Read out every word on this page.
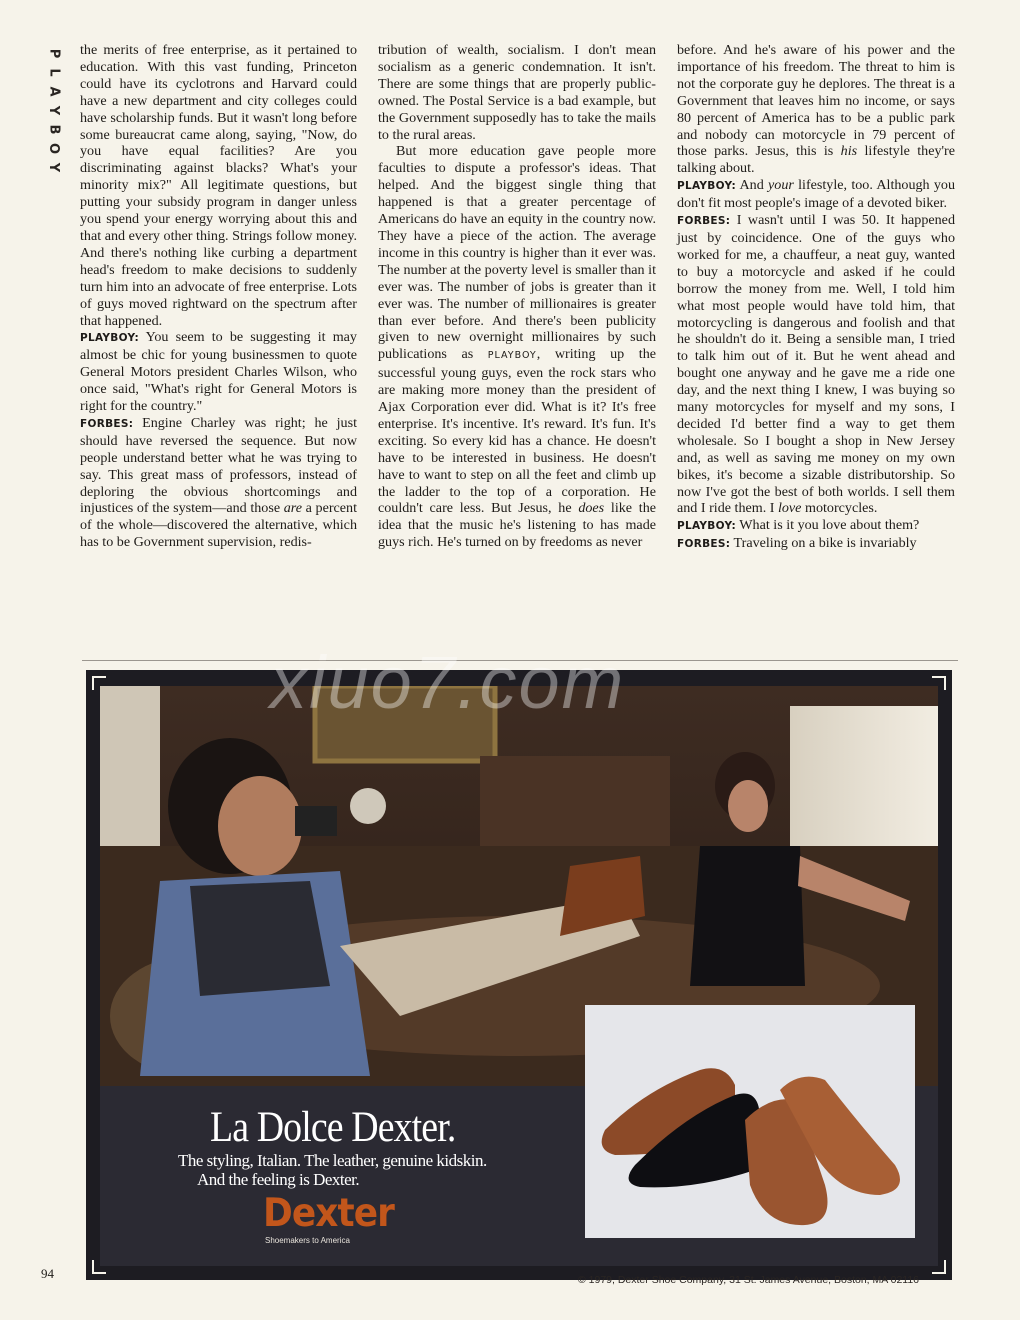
P
L
A
Y
B
O
Y

the merits of free enterprise, as it pertained to education. With this vast funding, Princeton could have its cyclotrons and Harvard could have a new department and city colleges could have scholarship funds. But it wasn't long before some bureaucrat came along, saying, "Now, do you have equal facilities? Are you discriminating against blacks? What's your minority mix?" All legitimate questions, but putting your subsidy program in danger unless you spend your energy worrying about this and that and every other thing. Strings follow money. And there's nothing like curbing a department head's freedom to make decisions to suddenly turn him into an advocate of free enterprise. Lots of guys moved rightward on the spectrum after that happened.

PLAYBOY: You seem to be suggesting it may almost be chic for young businessmen to quote General Motors president Charles Wilson, who once said, "What's right for General Motors is right for the country."

FORBES: Engine Charley was right; he just should have reversed the sequence. But now people understand better what he was trying to say. This great mass of professors, instead of deploring the obvious shortcomings and injustices of the system—and those are a percent of the whole—discovered the alternative, which has to be Government supervision, redis-

tribution of wealth, socialism. I don't mean socialism as a generic condemnation. It isn't. There are some things that are properly public-owned. The Postal Service is a bad example, but the Government supposedly has to take the mails to the rural areas.

But more education gave people more faculties to dispute a professor's ideas. That helped. And the biggest single thing that happened is that a greater percentage of Americans do have an equity in the country now. They have a piece of the action. The average income in this country is higher than it ever was. The number at the poverty level is smaller than it ever was. The number of jobs is greater than it ever was. The number of millionaires is greater than ever before. And there's been publicity given to new overnight millionaires by such publications as PLAYBOY, writing up the successful young guys, even the rock stars who are making more money than the president of Ajax Corporation ever did. What is it? It's free enterprise. It's incentive. It's reward. It's fun. It's exciting. So every kid has a chance. He doesn't have to be interested in business. He doesn't have to want to step on all the feet and climb up the ladder to the top of a corporation. He couldn't care less. But Jesus, he does like the idea that the music he's listening to has made guys rich. He's turned on by freedoms as never

before. And he's aware of his power and the importance of his freedom. The threat to him is not the corporate guy he deplores. The threat is a Government that leaves him no income, or says 80 percent of America has to be a public park and nobody can motorcycle in 79 percent of those parks. Jesus, this is his lifestyle they're talking about.

PLAYBOY: And your lifestyle, too. Although you don't fit most people's image of a devoted biker.

FORBES: I wasn't until I was 50. It happened just by coincidence. One of the guys who worked for me, a chauffeur, a neat guy, wanted to buy a motorcycle and asked if he could borrow the money from me. Well, I told him what most people would have told him, that motorcycling is dangerous and foolish and that he shouldn't do it. Being a sensible man, I tried to talk him out of it. But he went ahead and bought one anyway and he gave me a ride one day, and the next thing I knew, I was buying so many motorcycles for myself and my sons, I decided I'd better find a way to get them wholesale. So I bought a shop in New Jersey and, as well as saving me money on my own bikes, it's become a sizable distributorship. So now I've got the best of both worlds. I sell them and I ride them. I love motorcycles.

PLAYBOY: What is it you love about them?

FORBES: Traveling on a bike is invariably

xiuo7.com
La Dolce Dexter.
The styling, Italian. The leather, genuine kidskin.
And the feeling is Dexter.
Dexter
Shoemakers to America
94	© 1979, Dexter Shoe Company, 31 St. James Avenue, Boston, MA 02116
